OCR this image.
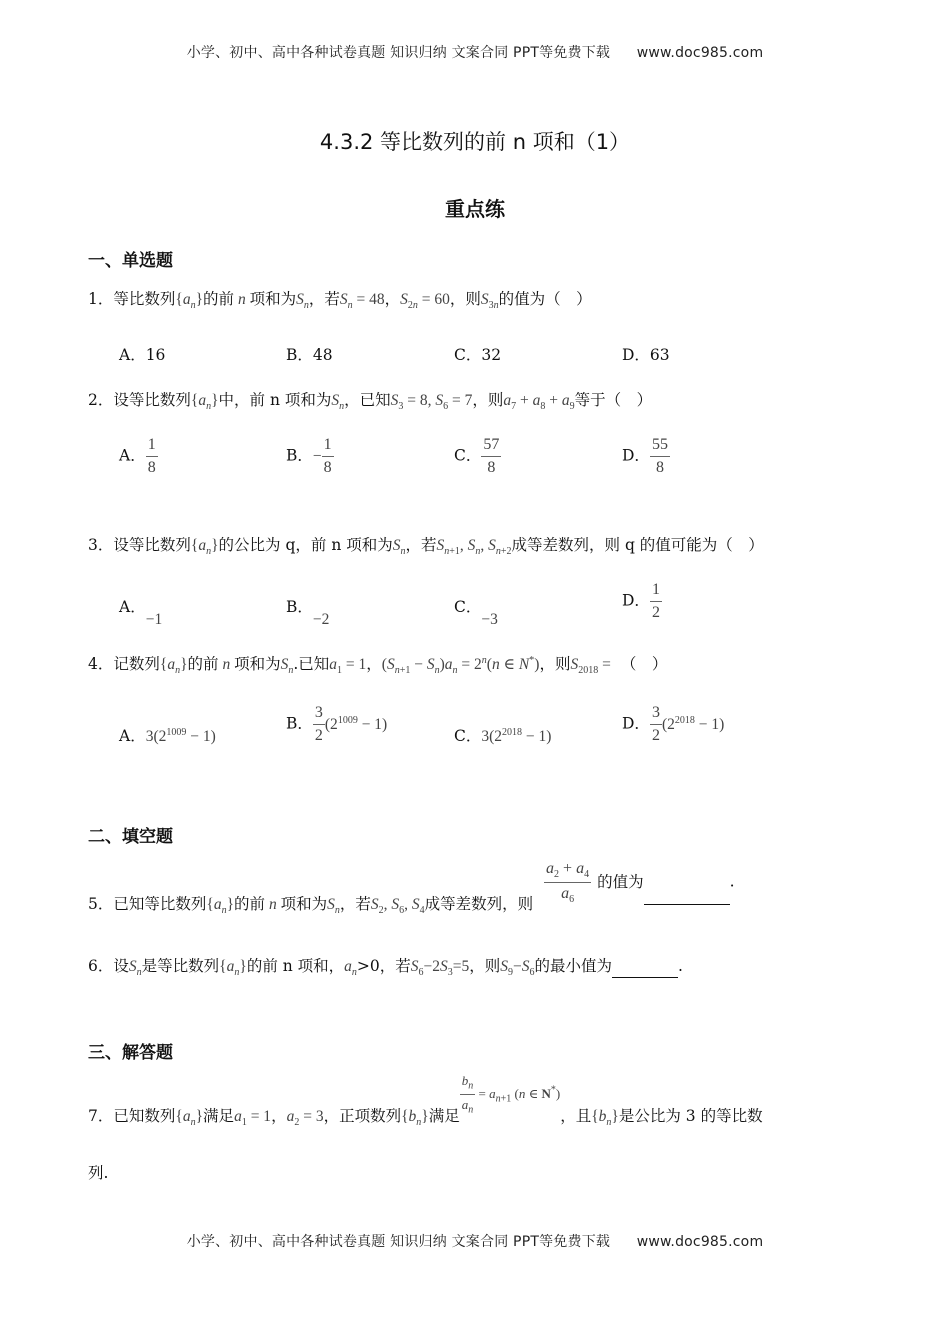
小学、初中、高中各种试卷真题 知识归纳 文案合同 PPT等免费下载 www.doc985.com
4.3.2 等比数列的前 n 项和（1）
重点练
一、单选题
1．等比数列$\{a_n\}$的前 n 项和为$S_n$，若$S_n = 48$，$S_{2n} = 60$，则$S_{3n}$的值为（　）
A．16	B．48	C．32	D．63
2．设等比数列$\{a_n\}$中，前 n 项和为$S_n$，已知$S_3 = 8$, $S_6 = 7$，则$a_7 + a_8 + a_9$等于（　）
A． $\frac{1}{8}$	B．− $\frac{1}{8}$	C． $\frac{57}{8}$	D． $\frac{55}{8}$
3．设等比数列$\{a_n\}$的公比为 q，前 n 项和为$S_n$，若$S_{n+1}$, $S_n$, $S_{n+2}$成等差数列，则 q 的值可能为（　）
A．−1
B．−2
C．−3
D． $\frac{1}{2}$
4．记数列$\{a_n\}$的前 n 项和为$S_n$.已知$a_1 = 1$，$(S_{n+1} - S_n)a_n = 2^n(n$ ∈ N*)，则$S_{2018}$ = （　）
A．$3(2^{1009} - 1)$
B． $\frac{3}{2} (2^{1009} - 1)$
C．$3(2^{2018} - 1)$
D． $\frac{3}{2} (2^{2018} - 1)$
二、填空题
5．已知等比数列$\{a_n\}$的前 n 项和为$S_n$，若$S_2$, $S_6$, $S_4$成等差数列，则 $\frac{a_2 + a_4}{a_6}$ 的值为	.
6．设$S_n$是等比数列$\{a_n\}$的前 n 项和，$a_n>0$，若$S_6-2S_3=5$，则$S_9-S_6$的最小值为	.
三、解答题
7．已知数列$\{a_n\}$满足$a_1 = 1$，$a_2 = 3$，正项数列$\{b_n\}$满足
$\frac{b_n}{a_n} = a_{n+1}$ (n ∈ N*)，且$\{b_n\}$是公比为 3 的等比数
列.
小学、初中、高中各种试卷真题 知识归纳 文案合同 PPT等免费下载 www.doc985.com
